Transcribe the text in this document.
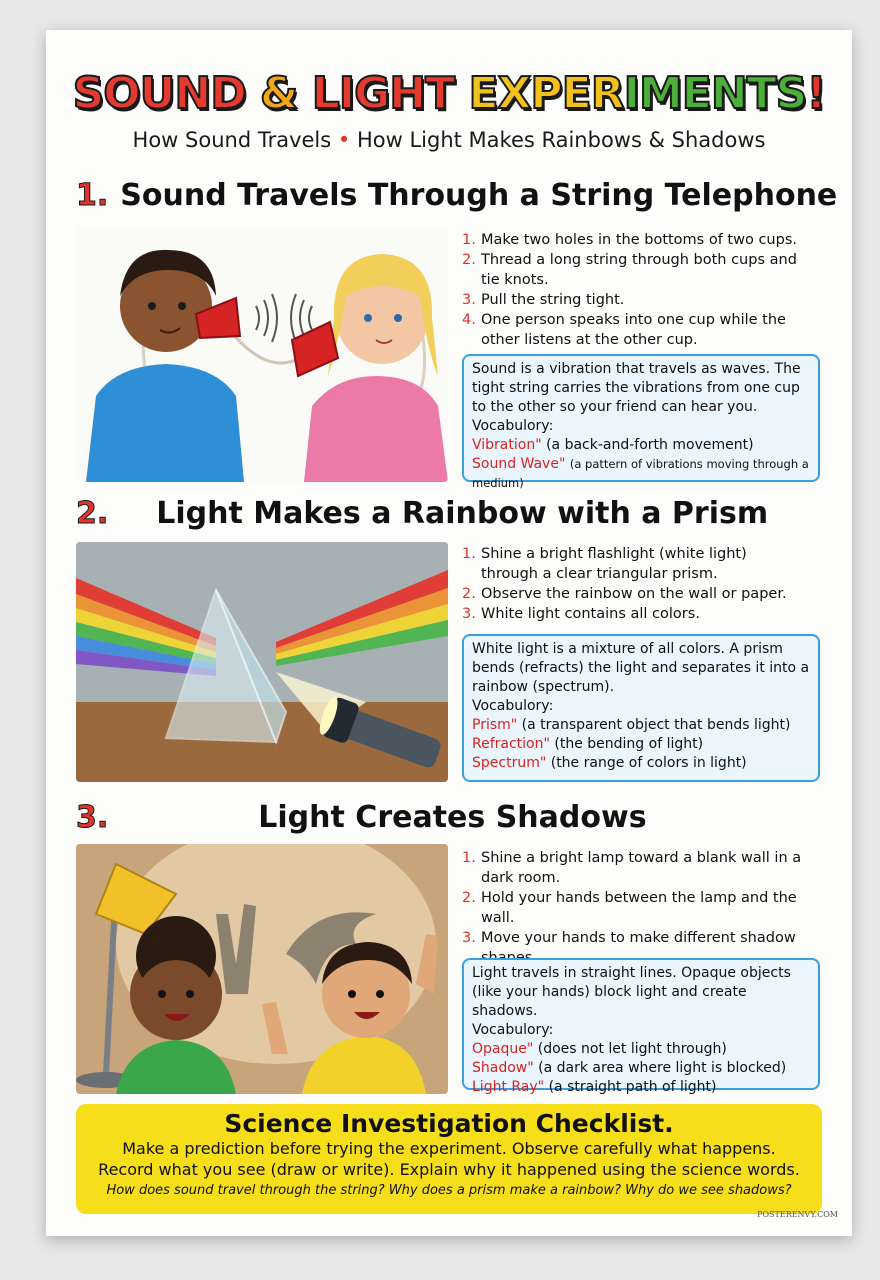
SOUND & LIGHT EXPERIMENTS!
How Sound Travels • How Light Makes Rainbows & Shadows
1. Sound Travels Through a String Telephone
1. Make two holes in the bottoms of two cups.
2. Thread a long string through both cups and tie knots.
3. Pull the string tight.
4. One person speaks into one cup while the other listens at the other cup.
Sound is a vibration that travels as waves. The tight string carries the vibrations from one cup to the other so your friend can hear you.
Vocabulory:
Vibration" (a back-and-forth movement)
Sound Wave" (a pattern of vibrations moving through a medium)
2. Light Makes a Rainbow with a Prism
1. Shine a bright flashlight (white light) through a clear triangular prism.
2. Observe the rainbow on the wall or paper.
3. White light contains all colors.
White light is a mixture of all colors. A prism bends (refracts) the light and separates it into a rainbow (spectrum).
Vocabulory:
Prism" (a transparent object that bends light)
Refraction" (the bending of light)
Spectrum" (the range of colors in light)
3.	Light Creates Shadows
1. Shine a bright lamp toward a blank wall in a dark room.
2. Hold your hands between the lamp and the wall.
3. Move your hands to make different shadow
Light travels in straight lines. Opaque objects (like your hands) block light and create shadows.
Vocabulory:
Opaque" (does not let light through)
Shadow" (a dark area where light is blocked)
Light Ray" (a straight path of light)
Science Investigation Checklist.
Make a prediction before trying the experiment. Observe carefully what happens.
Record what you see (draw or write). Explain why it happened using the science words.
How does sound travel through the string? Why does a prism make a rainbow? Why do we see shadows?
POSTERENVY.COM
